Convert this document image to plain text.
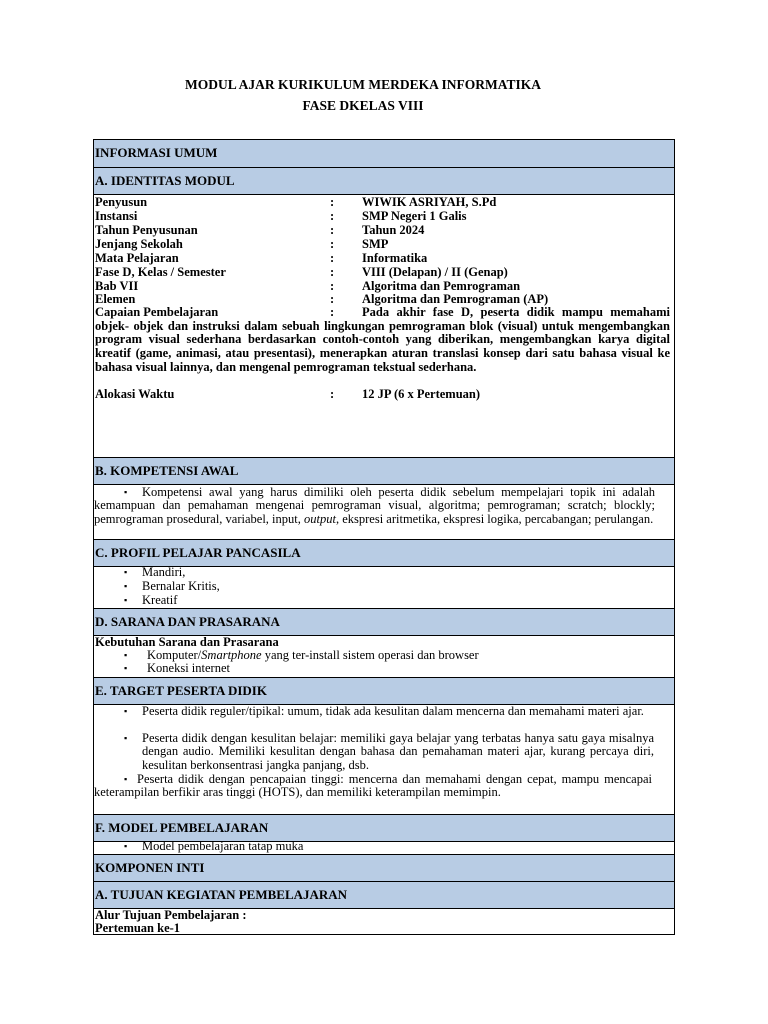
MODUL AJAR KURIKULUM MERDEKA INFORMATIKA
FASE DKELAS VIII
INFORMASI UMUM
A. IDENTITAS MODUL
Penyusun	: WIWIK ASRIYAH, S.Pd
Instansi	: SMP Negeri 1 Galis
Tahun Penyusunan	: Tahun 2024
Jenjang Sekolah	: SMP
Mata Pelajaran	: Informatika
Fase D, Kelas / Semester	: VIII (Delapan) / II (Genap)
Bab VII	: Algoritma dan Pemrograman
Elemen	: Algoritma dan Pemrograman (AP)
Capaian Pembelajaran	: Pada akhir fase D, peserta didik mampu memahami objek- objek dan instruksi dalam sebuah lingkungan pemrograman blok (visual) untuk mengembangkan program visual sederhana berdasarkan contoh-contoh yang diberikan, mengembangkan karya digital kreatif (game, animasi, atau presentasi), menerapkan aturan translasi konsep dari satu bahasa visual ke bahasa visual lainnya, dan mengenal pemrograman tekstual sederhana.
Alokasi Waktu	: 12 JP (6 x Pertemuan)
B. KOMPETENSI AWAL
▪	Kompetensi awal yang harus dimiliki oleh peserta didik sebelum mempelajari topik ini adalah kemampuan dan pemahaman mengenai pemrograman visual, algoritma; pemrograman; scratch; blockly; pemrograman prosedural, variabel, input, output, ekspresi aritmetika, ekspresi logika, percabangan; perulangan.
C. PROFIL PELAJAR PANCASILA
▪ Mandiri,
▪ Bernalar Kritis,
▪ Kreatif
D. SARANA DAN PRASARANA
Kebutuhan Sarana dan Prasarana
▪ Komputer/Smartphone yang ter-install sistem operasi dan browser
▪ Koneksi internet
E. TARGET PESERTA DIDIK
▪ Peserta didik reguler/tipikal: umum, tidak ada kesulitan dalam mencerna dan memahami materi ajar.
▪ Peserta didik dengan kesulitan belajar: memiliki gaya belajar yang terbatas hanya satu gaya misalnya dengan audio. Memiliki kesulitan dengan bahasa dan pemahaman materi ajar, kurang percaya diri, kesulitan berkonsentrasi jangka panjang, dsb.
▪ Peserta didik dengan pencapaian tinggi: mencerna dan memahami dengan cepat, mampu mencapai keterampilan berfikir aras tinggi (HOTS), dan memiliki keterampilan memimpin.
F. MODEL PEMBELAJARAN
▪ Model pembelajaran tatap muka
KOMPONEN INTI
A. TUJUAN KEGIATAN PEMBELAJARAN
Alur Tujuan Pembelajaran :
Pertemuan ke-1
